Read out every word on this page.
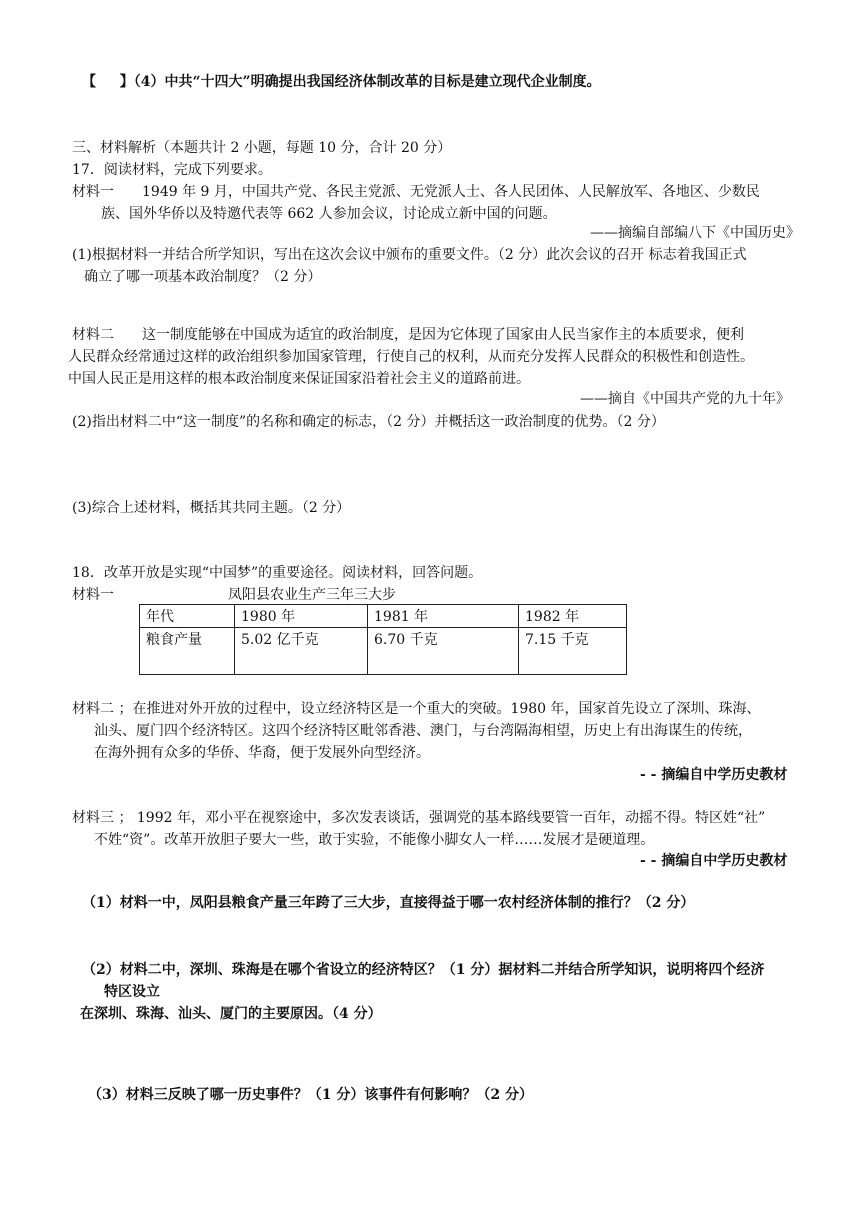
【 】（4）中共“十四大”明确提出我国经济体制改革的目标是建立现代企业制度。
三、材料解析（本题共计 2 小题，每题 10 分，合计 20 分）
17．阅读材料，完成下列要求。
材料一　　1949 年 9 月，中国共产党、各民主党派、无党派人士、各人民团体、人民解放军、各地区、少数民
族、国外华侨以及特邀代表等 662 人参加会议，讨论成立新中国的问题。
——摘编自部编八下《中国历史》
(1)根据材料一并结合所学知识，写出在这次会议中颁布的重要文件。（2 分）此次会议的召开 标志着我国正式
确立了哪一项基本政治制度？（2 分）
材料二　　这一制度能够在中国成为适宜的政治制度，是因为它体现了国家由人民当家作主的本质要求，便利
人民群众经常通过这样的政治组织参加国家管理，行使自己的权利，从而充分发挥人民群众的积极性和创造性。
中国人民正是用这样的根本政治制度来保证国家沿着社会主义的道路前进。
——摘自《中国共产党的九十年》
(2)指出材料二中“这一制度”的名称和确定的标志，（2 分）并概括这一政治制度的优势。（2 分）
(3)综合上述材料，概括其共同主题。（2 分）
18．改革开放是实现“中国梦”的重要途径。阅读材料，回答问题。
材料一	凤阳县农业生产三年三大步
年代	1980 年	1981 年	1982 年
粮食产量	5.02 亿千克	6.70 千克	7.15 千克
材料二 ；在推进对外开放的过程中，设立经济特区是一个重大的突破。1980 年，国家首先设立了深圳、珠海、
汕头、厦门四个经济特区。这四个经济特区毗邻香港、澳门，与台湾隔海相望，历史上有出海谋生的传统，
在海外拥有众多的华侨、华裔，便于发展外向型经济。
- - 摘编自中学历史教材
材料三 ； 1992 年，邓小平在视察途中，多次发表谈话，强调党的基本路线要管一百年，动摇不得。特区姓“社”
不姓“资”。改革开放胆子要大一些，敢于实验，不能像小脚女人一样……发展才是硬道理。
- - 摘编自中学历史教材
（1）材料一中，凤阳县粮食产量三年跨了三大步，直接得益于哪一农村经济体制的推行？（2 分）
（2）材料二中，深圳、珠海是在哪个省设立的经济特区？（1 分）据材料二并结合所学知识，说明将四个经济
特区设立
在深圳、珠海、汕头、厦门的主要原因。（4 分）
（3）材料三反映了哪一历史事件？（1 分）该事件有何影响？（2 分）
